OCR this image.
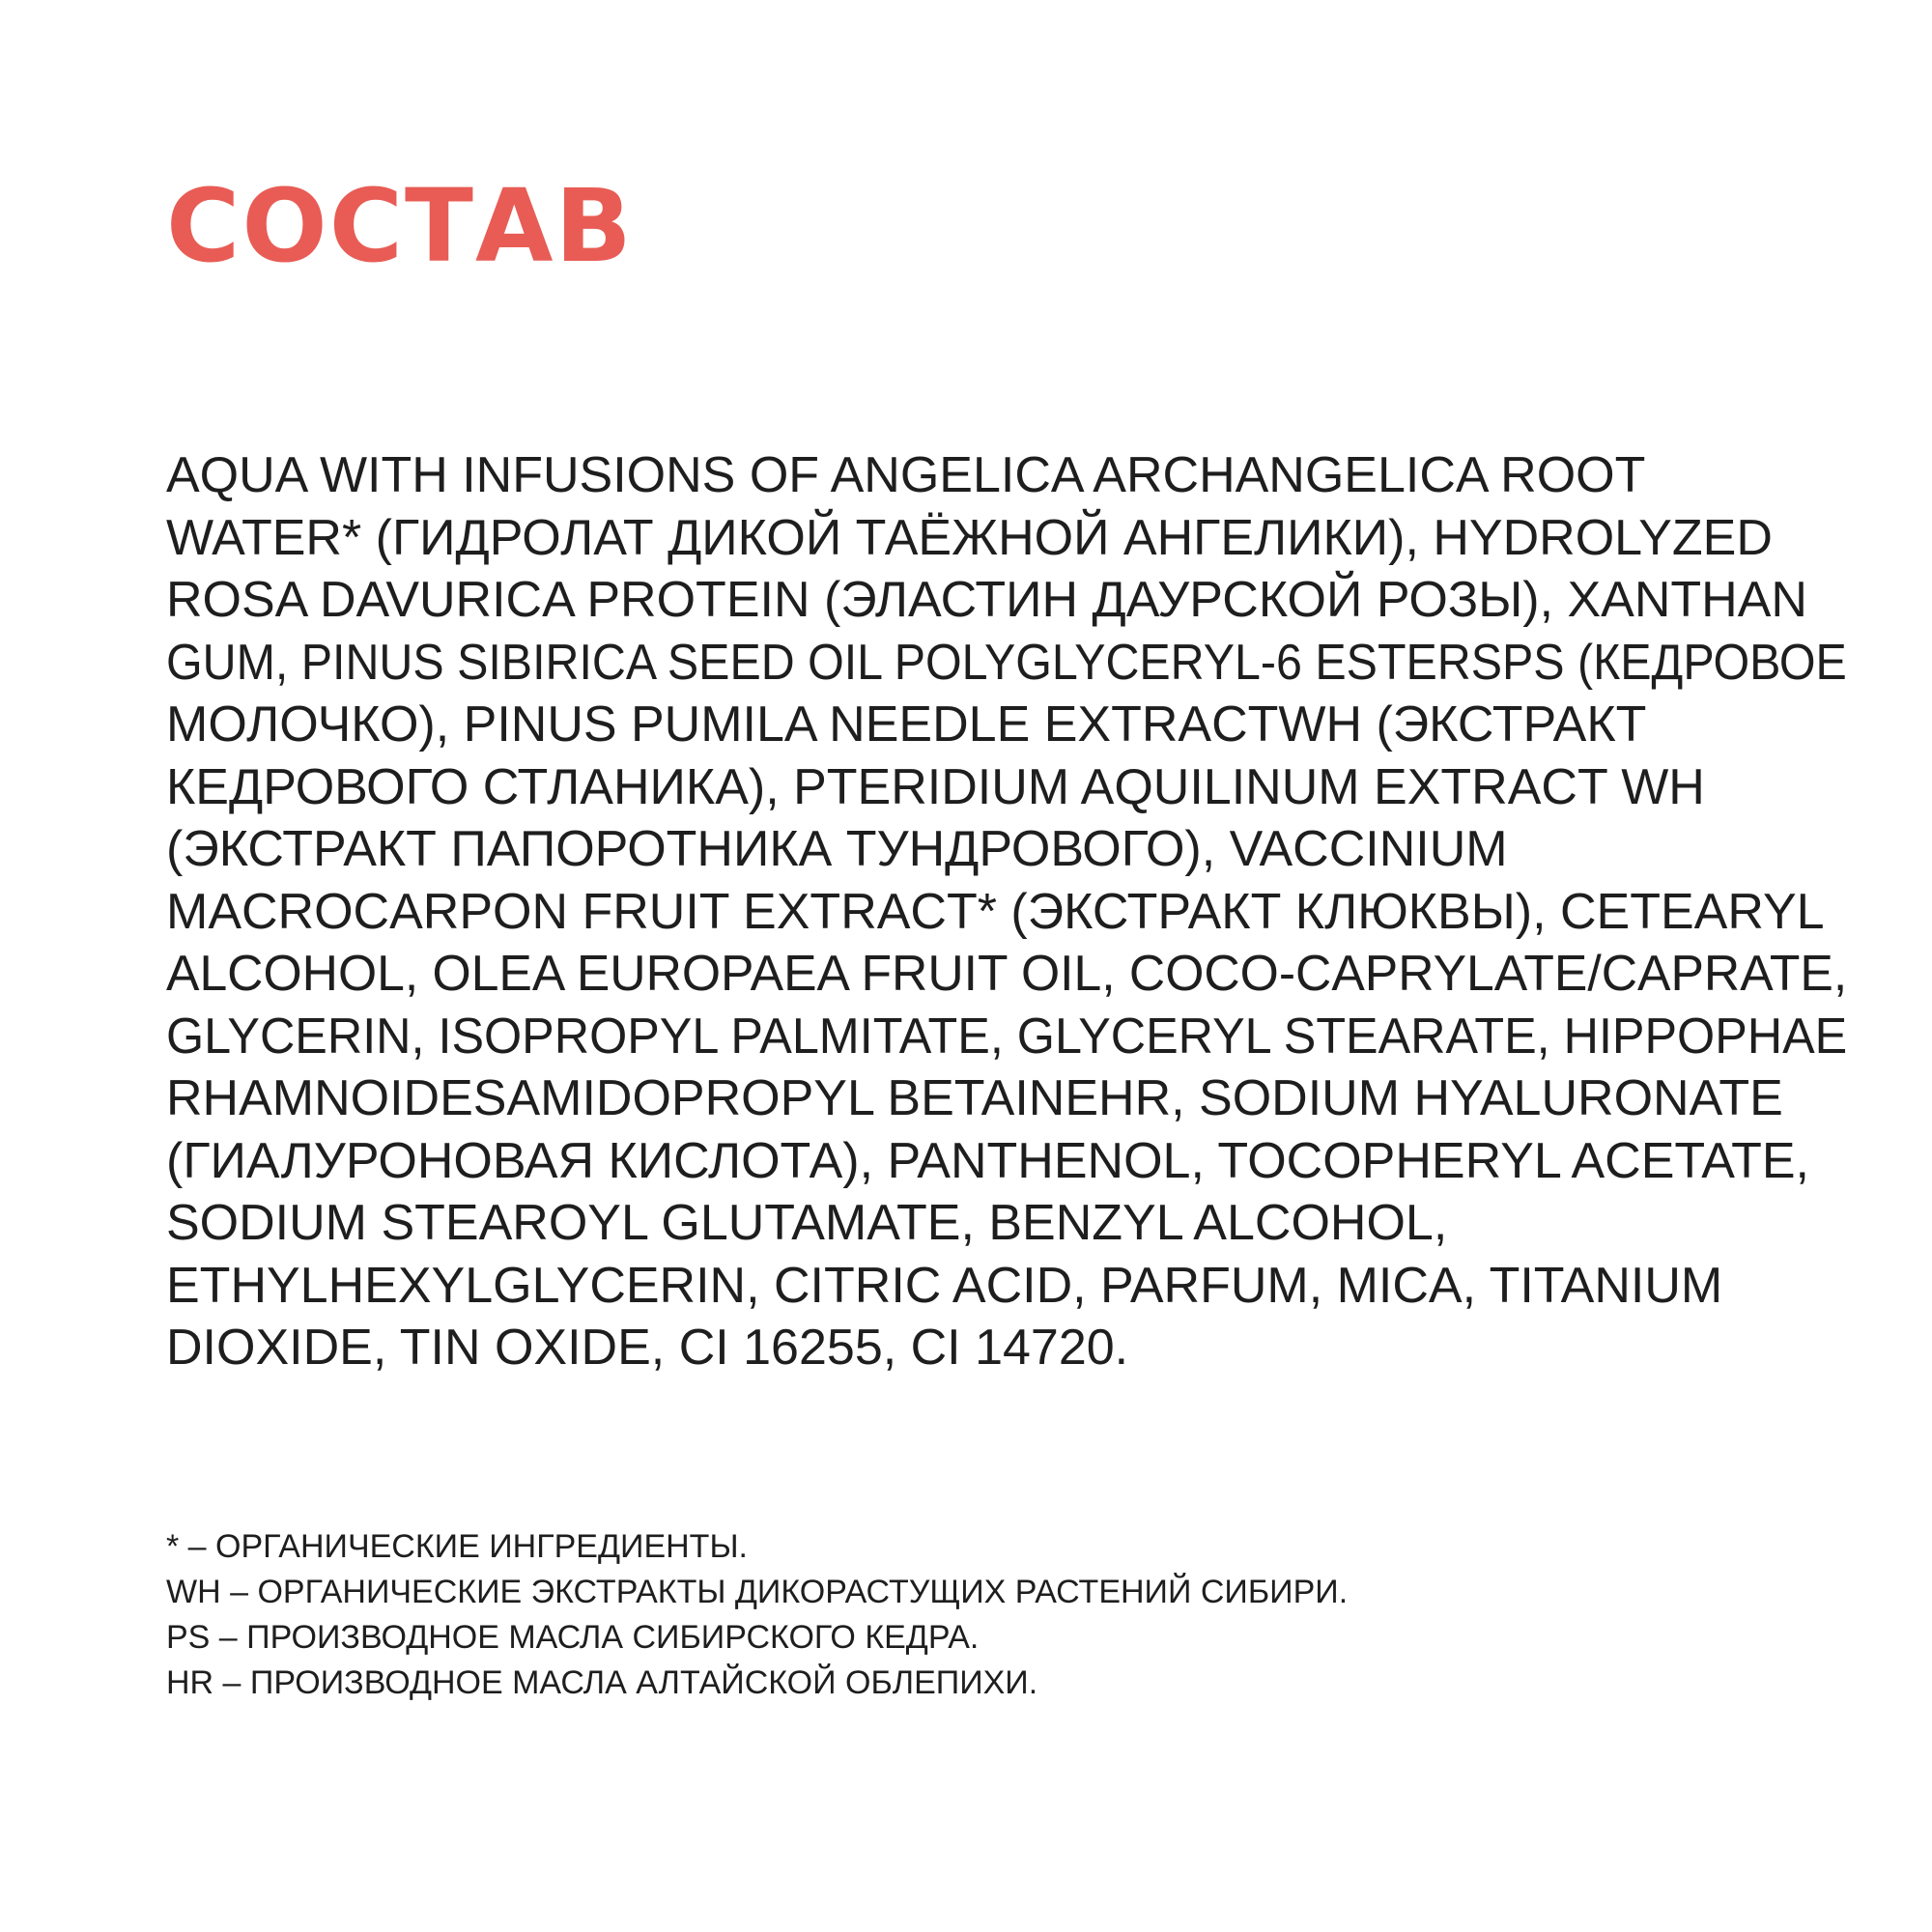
СОСТАВ
AQUA WITH INFUSIONS OF ANGELICA ARCHANGELICA ROOT
WATER* (ГИДРОЛАТ ДИКОЙ ТАЁЖНОЙ АНГЕЛИКИ), HYDROLYZED
ROSA DAVURICA PROTEIN (ЭЛАСТИН ДАУРСКОЙ РОЗЫ), XANTHAN
GUM, PINUS SIBIRICA SEED OIL POLYGLYCERYL-6 ESTERSPS (КЕДРОВОЕ
МОЛОЧКО), PINUS PUMILA NEEDLE EXTRACTWH (ЭКСТРАКТ
КЕДРОВОГО СТЛАНИКА), PTERIDIUM AQUILINUM EXTRACT WH
(ЭКСТРАКТ ПАПОРОТНИКА ТУНДРОВОГО), VACCINIUM
MACROCARPON FRUIT EXTRACT* (ЭКСТРАКТ КЛЮКВЫ), CETEARYL
ALCOHOL, OLEA EUROPAEA FRUIT OIL, COCO-CAPRYLATE/CAPRATE,
GLYCERIN, ISOPROPYL PALMITATE, GLYCERYL STEARATE, HIPPOPHAE
RHAMNOIDESAMIDOPROPYL BETAINEHR, SODIUM HYALURONATE
(ГИАЛУРОНОВАЯ КИСЛОТА), PANTHENOL, TOCOPHERYL ACETATE,
SODIUM STEAROYL GLUTAMATE, BENZYL ALCOHOL,
ETHYLHEXYLGLYCERIN, CITRIC ACID, PARFUM, MICA, TITANIUM
DIOXIDE, TIN OXIDE, CI 16255, CI 14720.
* – ОРГАНИЧЕСКИЕ ИНГРЕДИЕНТЫ.
WH – ОРГАНИЧЕСКИЕ ЭКСТРАКТЫ ДИКОРАСТУЩИХ РАСТЕНИЙ СИБИРИ.
PS – ПРОИЗВОДНОЕ МАСЛА СИБИРСКОГО КЕДРА.
HR – ПРОИЗВОДНОЕ МАСЛА АЛТАЙСКОЙ ОБЛЕПИХИ.
